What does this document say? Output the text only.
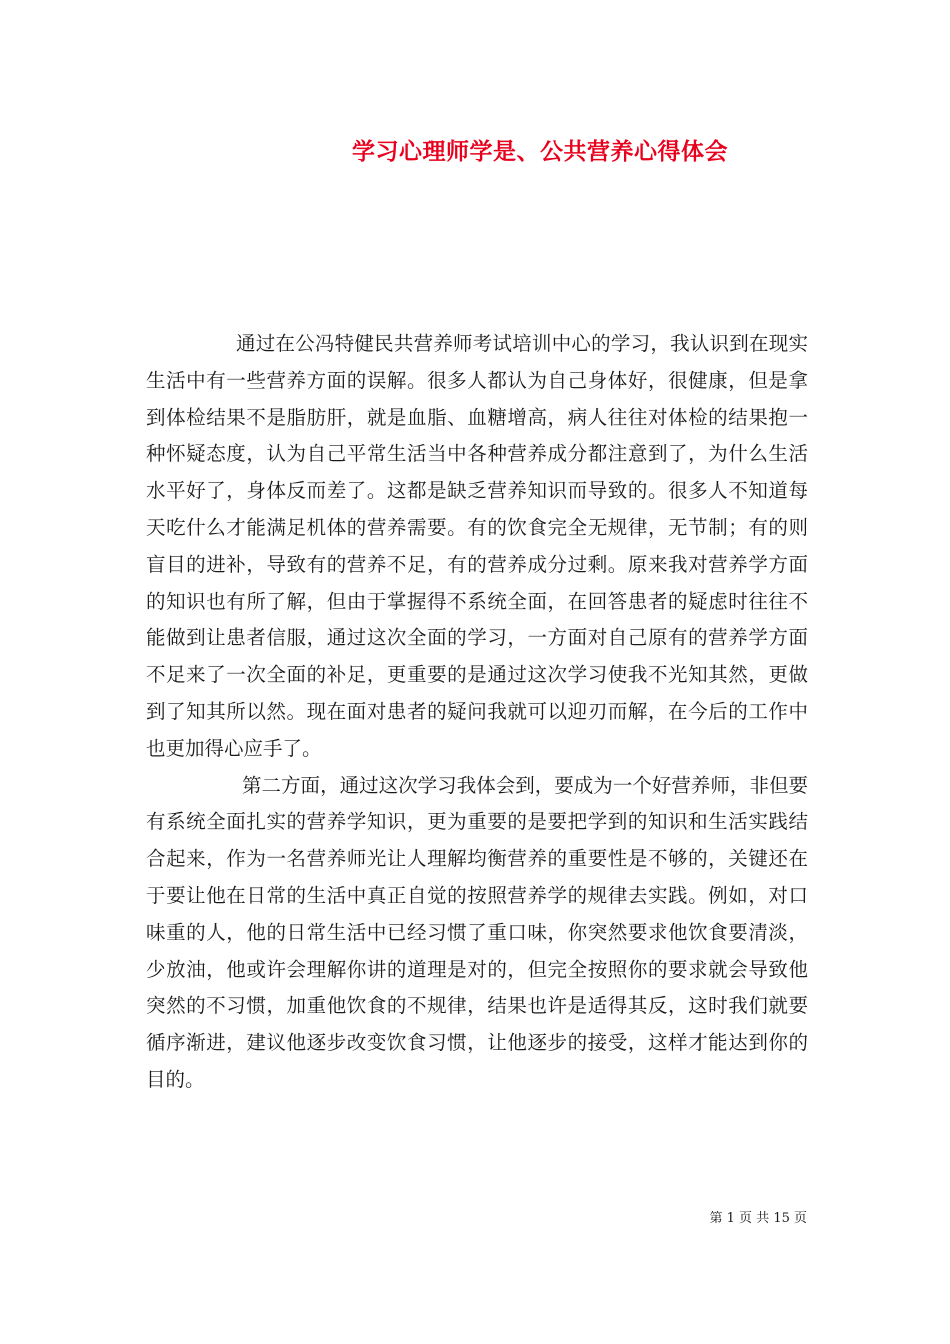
学习心理师学是、公共营养心得体会

通过在公冯特健民共营养师考试培训中心的学习，我认识到在现实生活中有一些营养方面的误解。很多人都认为自己身体好，很健康，但是拿到体检结果不是脂肪肝，就是血脂、血糖增高，病人往往对体检的结果抱一种怀疑态度，认为自己平常生活当中各种营养成分都注意到了，为什么生活水平好了，身体反而差了。这都是缺乏营养知识而导致的。很多人不知道每天吃什么才能满足机体的营养需要。有的饮食完全无规律，无节制；有的则盲目的进补，导致有的营养不足，有的营养成分过剩。原来我对营养学方面的知识也有所了解，但由于掌握得不系统全面，在回答患者的疑虑时往往不能做到让患者信服，通过这次全面的学习，一方面对自己原有的营养学方面不足来了一次全面的补足，更重要的是通过这次学习使我不光知其然，更做到了知其所以然。现在面对患者的疑问我就可以迎刃而解，在今后的工作中也更加得心应手了。

第二方面，通过这次学习我体会到，要成为一个好营养师，非但要有系统全面扎实的营养学知识，更为重要的是要把学到的知识和生活实践结合起来，作为一名营养师光让人理解均衡营养的重要性是不够的，关键还在于要让他在日常的生活中真正自觉的按照营养学的规律去实践。例如，对口味重的人，他的日常生活中已经习惯了重口味，你突然要求他饮食要清淡，少放油，他或许会理解你讲的道理是对的，但完全按照你的要求就会导致他突然的不习惯，加重他饮食的不规律，结果也许是适得其反，这时我们就要循序渐进，建议他逐步改变饮食习惯，让他逐步的接受，这样才能达到你的目的。

第 1 页 共 15 页
